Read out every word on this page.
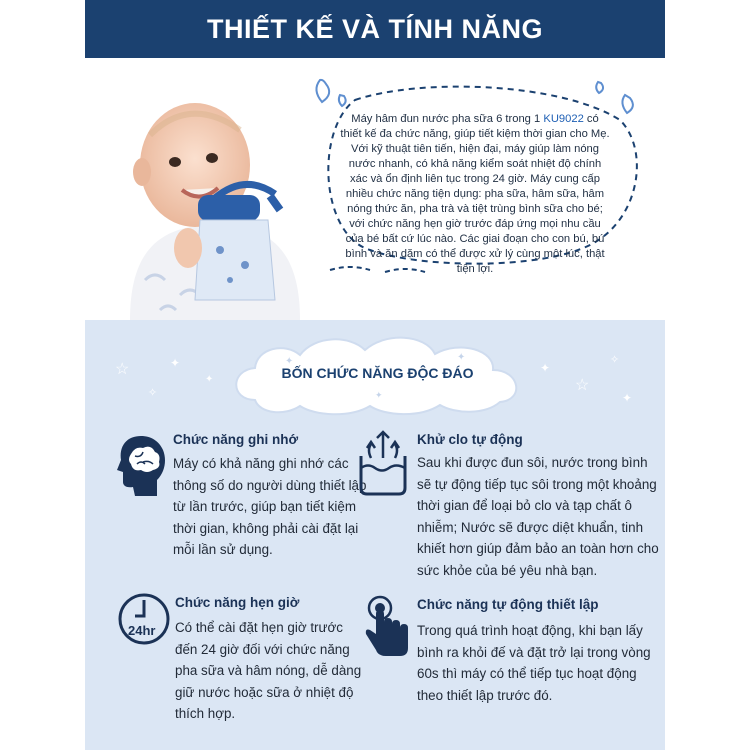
THIẾT KẾ VÀ TÍNH NĂNG
Máy hâm đun nước pha sữa 6 trong 1 KU9022 có thiết kế đa chức năng, giúp tiết kiệm thời gian cho Mẹ. Với kỹ thuật tiên tiến, hiện đại, máy giúp làm nóng nước nhanh, có khả năng kiểm soát nhiệt độ chính xác và ổn định liên tục trong 24 giờ. Máy cung cấp nhiều chức năng tiện dụng: pha sữa, hâm sữa, hâm nóng thức ăn, pha trà và tiệt trùng bình sữa cho bé; với chức năng hẹn giờ trước đáp ứng mọi nhu cầu của bé bất cứ lúc nào. Các giai đoạn cho con bú, bú bình và ăn dặm có thể được xử lý cùng một lúc, thật tiện lợi.
☆	✦
✧
✦
✦
☆
✧
✦
✦	✦
✦
BỐN CHỨC NĂNG ĐỘC ĐÁO
Chức năng ghi nhớ
Máy có khả năng ghi nhớ các thông số do người dùng thiết lập từ lần trước, giúp bạn tiết kiệm thời gian, không phải cài đặt lại mỗi lần sử dụng.
Khử clo tự động
Sau khi được đun sôi, nước trong bình sẽ tự động tiếp tục sôi trong một khoảng thời gian để loại bỏ clo và tạp chất ô nhiễm; Nước sẽ được diệt khuẩn, tinh khiết hơn giúp đảm bảo an toàn hơn cho sức khỏe của bé yêu nhà bạn.
24hr
Chức năng hẹn giờ
Có thể cài đặt hẹn giờ trước đến 24 giờ đối với chức năng pha sữa và hâm nóng, dễ dàng giữ nước hoặc sữa ở nhiệt độ thích hợp.
Chức năng tự động thiết lập
Trong quá trình hoạt động, khi bạn lấy bình ra khỏi đế và đặt trở lại trong vòng 60s thì máy có thể tiếp tục hoạt động theo thiết lập trước đó.
